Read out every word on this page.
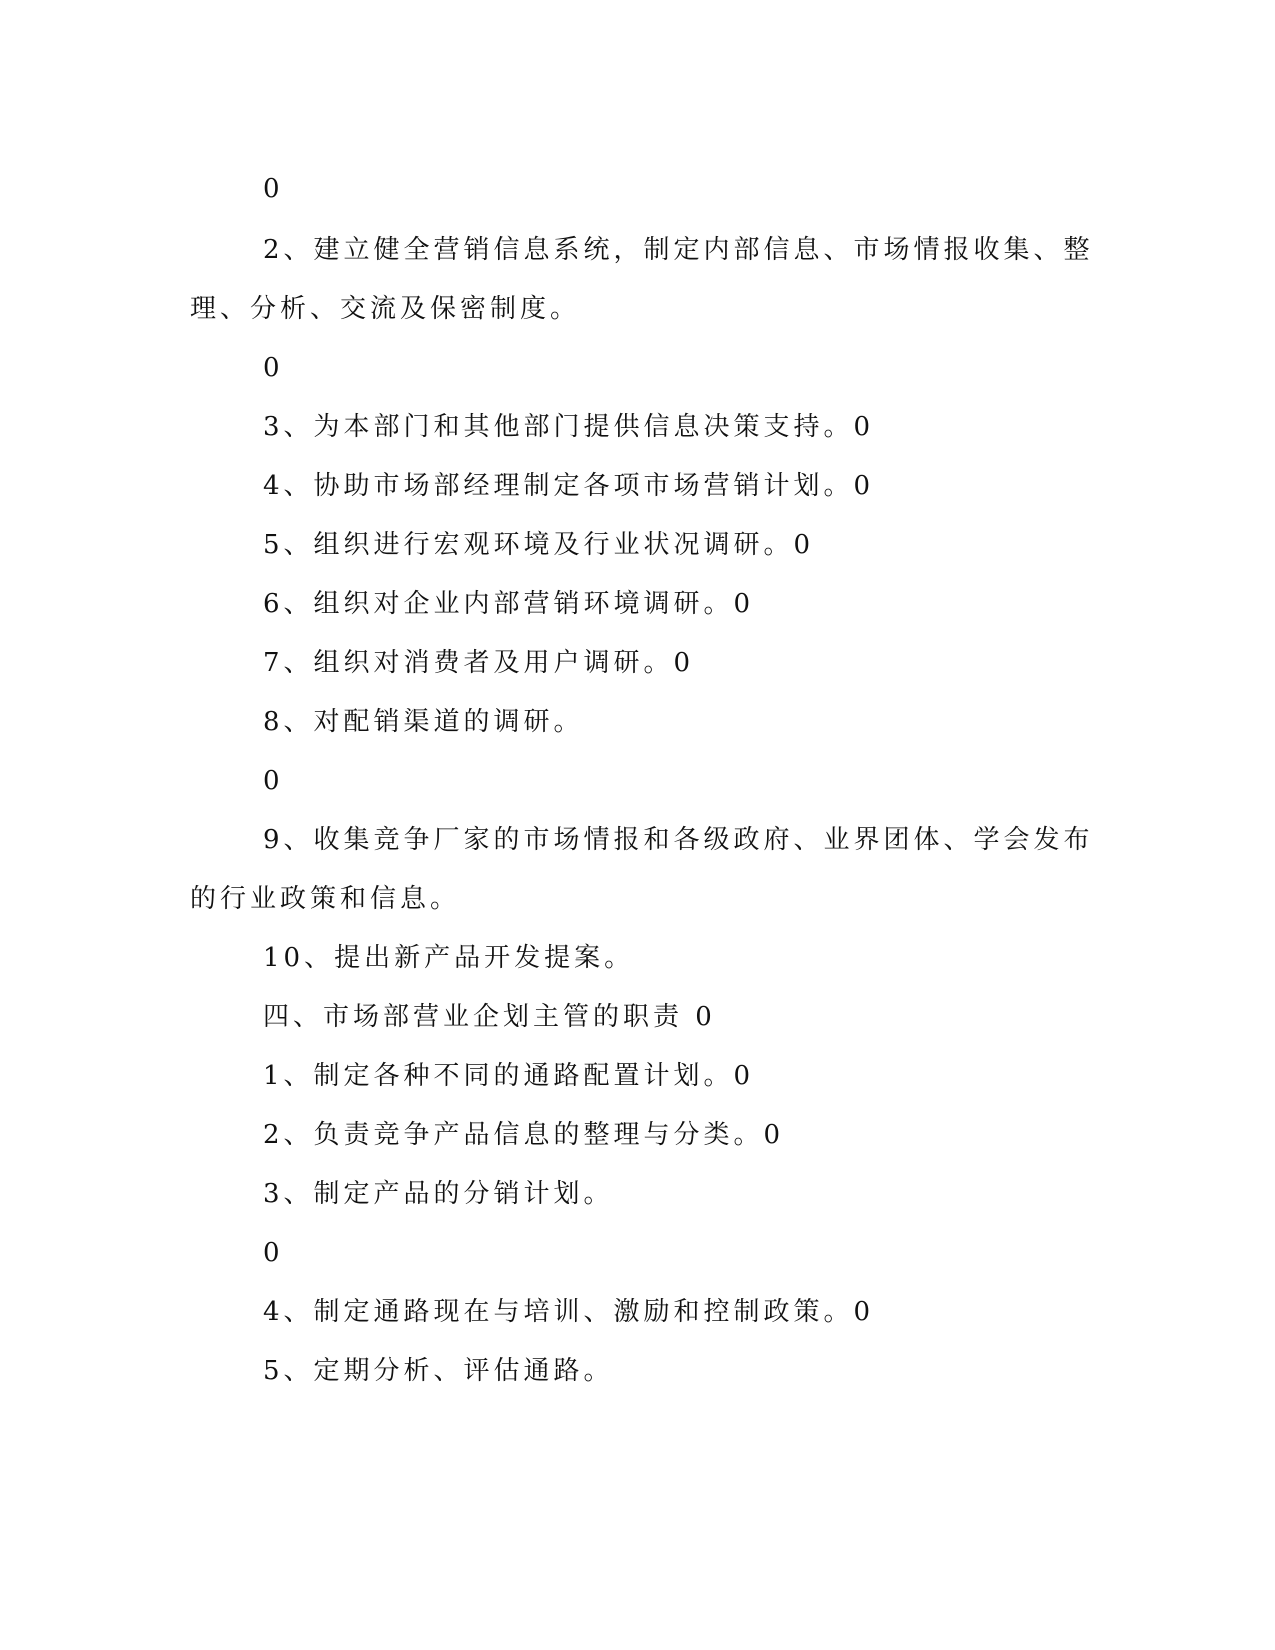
0
2、建立健全营销信息系统，制定内部信息、市场情报收集、整
理、分析、交流及保密制度。
0
3、为本部门和其他部门提供信息决策支持。0
4、协助市场部经理制定各项市场营销计划。0
5、组织进行宏观环境及行业状况调研。0
6、组织对企业内部营销环境调研。0
7、组织对消费者及用户调研。0
8、对配销渠道的调研。
0
9、收集竞争厂家的市场情报和各级政府、业界团体、学会发布
的行业政策和信息。
10、提出新产品开发提案。
四、市场部营业企划主管的职责 0
1、制定各种不同的通路配置计划。0
2、负责竞争产品信息的整理与分类。0
3、制定产品的分销计划。
0
4、制定通路现在与培训、激励和控制政策。0
5、定期分析、评估通路。
